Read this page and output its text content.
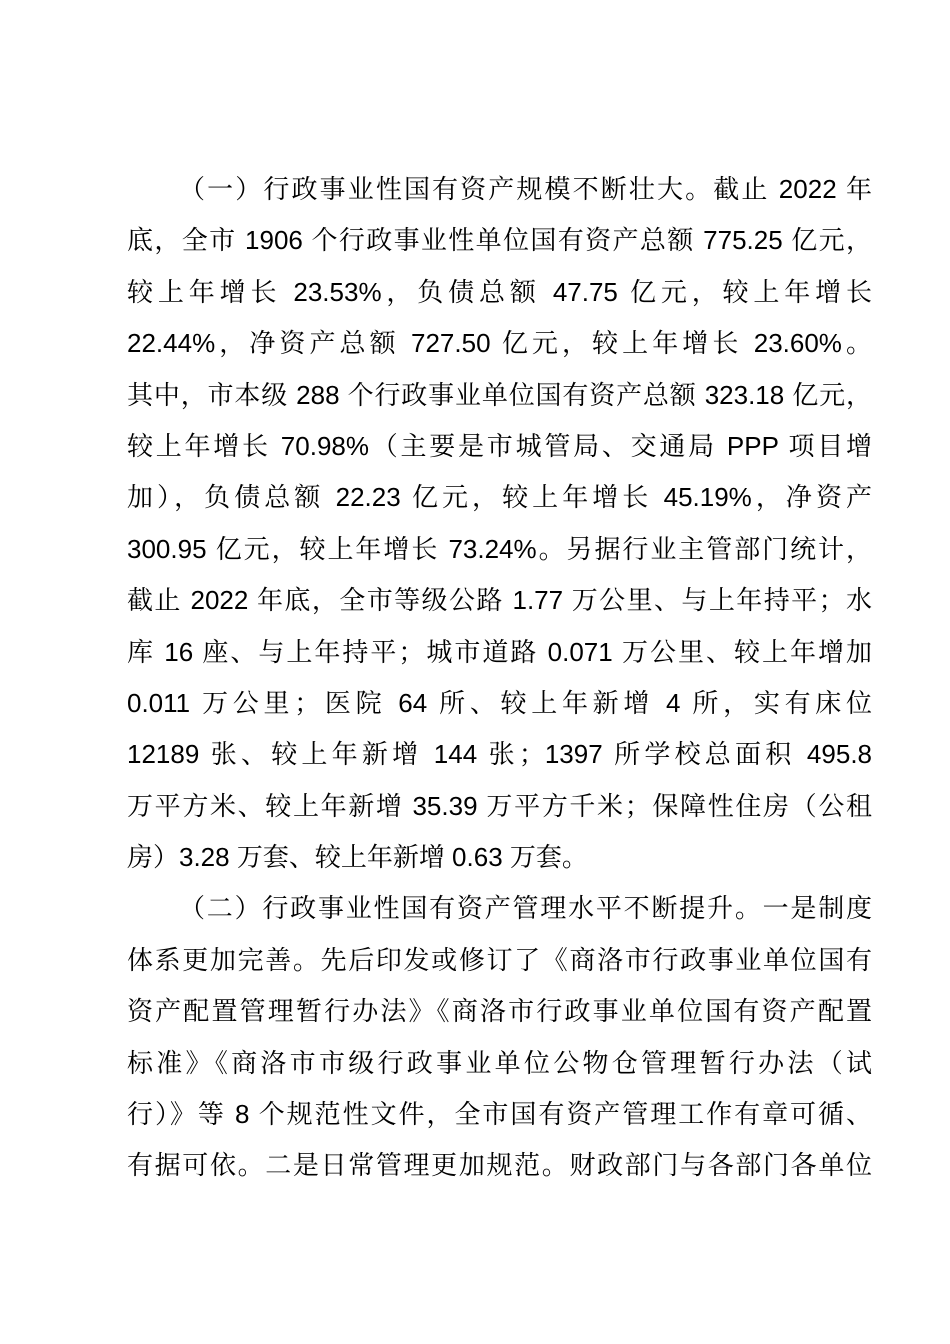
（一）行政事业性国有资产规模不断壮大。截止 2022 年
底，全市 1906 个行政事业性单位国有资产总额 775.25 亿元，
较上年增长 23.53%，负债总额 47.75 亿元，较上年增长
22.44%，净资产总额 727.50 亿元，较上年增长 23.60%。
其中，市本级 288 个行政事业单位国有资产总额 323.18 亿元，
较上年增长 70.98%（主要是市城管局、交通局 PPP 项目增
加），负债总额 22.23 亿元，较上年增长 45.19%，净资产
300.95 亿元，较上年增长 73.24%。另据行业主管部门统计，
截止 2022 年底，全市等级公路 1.77 万公里、与上年持平；水
库 16 座、与上年持平；城市道路 0.071 万公里、较上年增加
0.011 万公里；医院 64 所、较上年新增 4 所，实有床位
12189 张、较上年新增 144 张；1397 所学校总面积 495.8
万平方米、较上年新增 35.39 万平方千米；保障性住房（公租
房）3.28 万套、较上年新增 0.63 万套。
（二）行政事业性国有资产管理水平不断提升。一是制度
体系更加完善。先后印发或修订了《商洛市行政事业单位国有
资产配置管理暂行办法》《商洛市行政事业单位国有资产配置
标准》《商洛市市级行政事业单位公物仓管理暂行办法（试
行）》等 8 个规范性文件，全市国有资产管理工作有章可循、
有据可依。二是日常管理更加规范。财政部门与各部门各单位
